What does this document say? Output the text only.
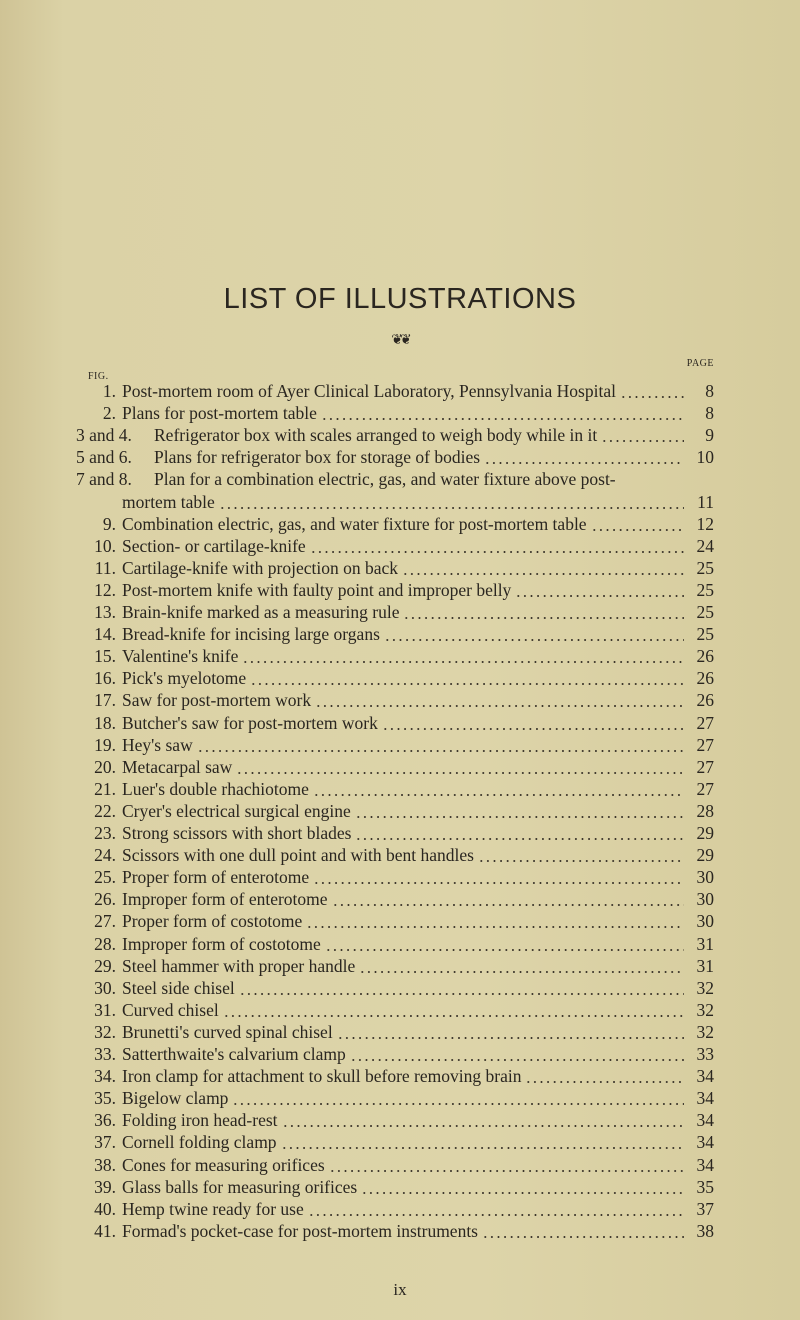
LIST OF ILLUSTRATIONS
❦❦
PAGE
FIG.
1. Post-mortem room of Ayer Clinical Laboratory, Pennsylvania Hospital	8
2. Plans for post-mortem table	8
3 and 4. Refrigerator box with scales arranged to weigh body while in it	9
5 and 6. Plans for refrigerator box for storage of bodies	10
7 and 8. Plan for a combination electric, gas, and water fixture above post-
mortem table	11
9. Combination electric, gas, and water fixture for post-mortem table	12
10. Section- or cartilage-knife	24
11. Cartilage-knife with projection on back	25
12. Post-mortem knife with faulty point and improper belly	25
13. Brain-knife marked as a measuring rule	25
14. Bread-knife for incising large organs	25
15. Valentine's knife	26
16. Pick's myelotome	26
17. Saw for post-mortem work	26
18. Butcher's saw for post-mortem work	27
19. Hey's saw	27
20. Metacarpal saw	27
21. Luer's double rhachiotome	27
22. Cryer's electrical surgical engine	28
23. Strong scissors with short blades	29
24. Scissors with one dull point and with bent handles	29
25. Proper form of enterotome	30
26. Improper form of enterotome	30
27. Proper form of costotome	30
28. Improper form of costotome	31
29. Steel hammer with proper handle	31
30. Steel side chisel	32
31. Curved chisel	32
32. Brunetti's curved spinal chisel	32
33. Satterthwaite's calvarium clamp	33
34. Iron clamp for attachment to skull before removing brain	34
35. Bigelow clamp	34
36. Folding iron head-rest	34
37. Cornell folding clamp	34
38. Cones for measuring orifices	34
39. Glass balls for measuring orifices	35
40. Hemp twine ready for use	37
41. Formad's pocket-case for post-mortem instruments	38
ix
